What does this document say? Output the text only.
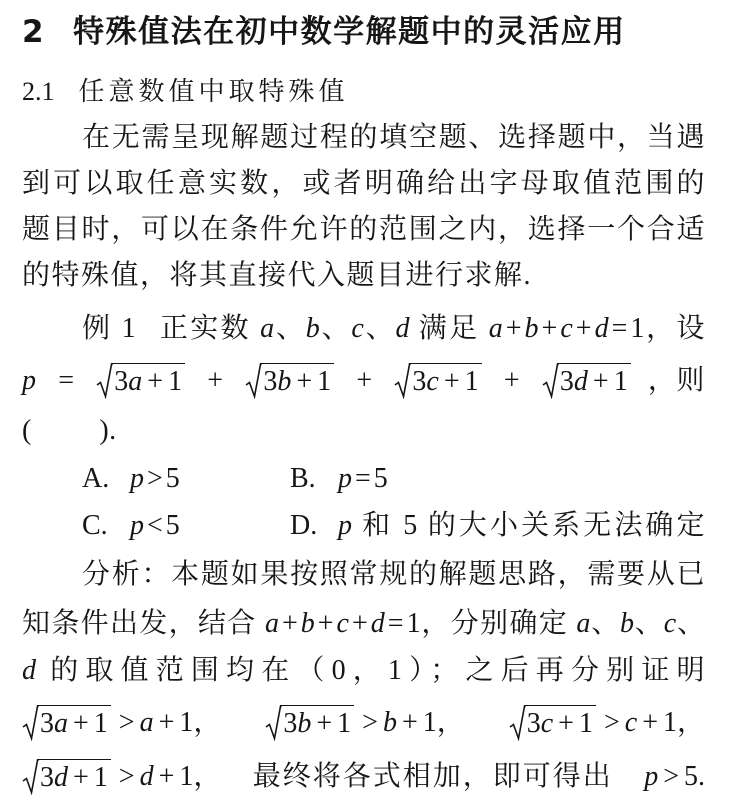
2 特殊值法在初中数学解题中的灵活应用
2.1 任意数值中取特殊值
在无需呈现解题过程的填空题、选择题中，当遇
到可以取任意实数，或者明确给出字母取值范围的
题目时，可以在条件允许的范围之内，选择一个合适
的特殊值，将其直接代入题目进行求解.
例 1 正实数 a、b、c、d 满足 a + b + c + d = 1，设
p = 3a + 1 + 3b + 1 + 3c + 1 + 3d + 1 ，则
(         ).
A. p > 5	B. p = 5
C. p < 5	D. p 和 5 的大小关系无法确定
分析：本题如果按照常规的解题思路，需要从已
知条件出发，结合 a + b + c + d = 1，分别确定 a、b、c、
d 的取值范围均在（0，1）；之后再分别证明
3a + 1 > a + 1， 3b + 1 > b + 1， 3c + 1 > c + 1，
3d + 1 > d + 1， 最终将各式相加，即可得出 p > 5.
